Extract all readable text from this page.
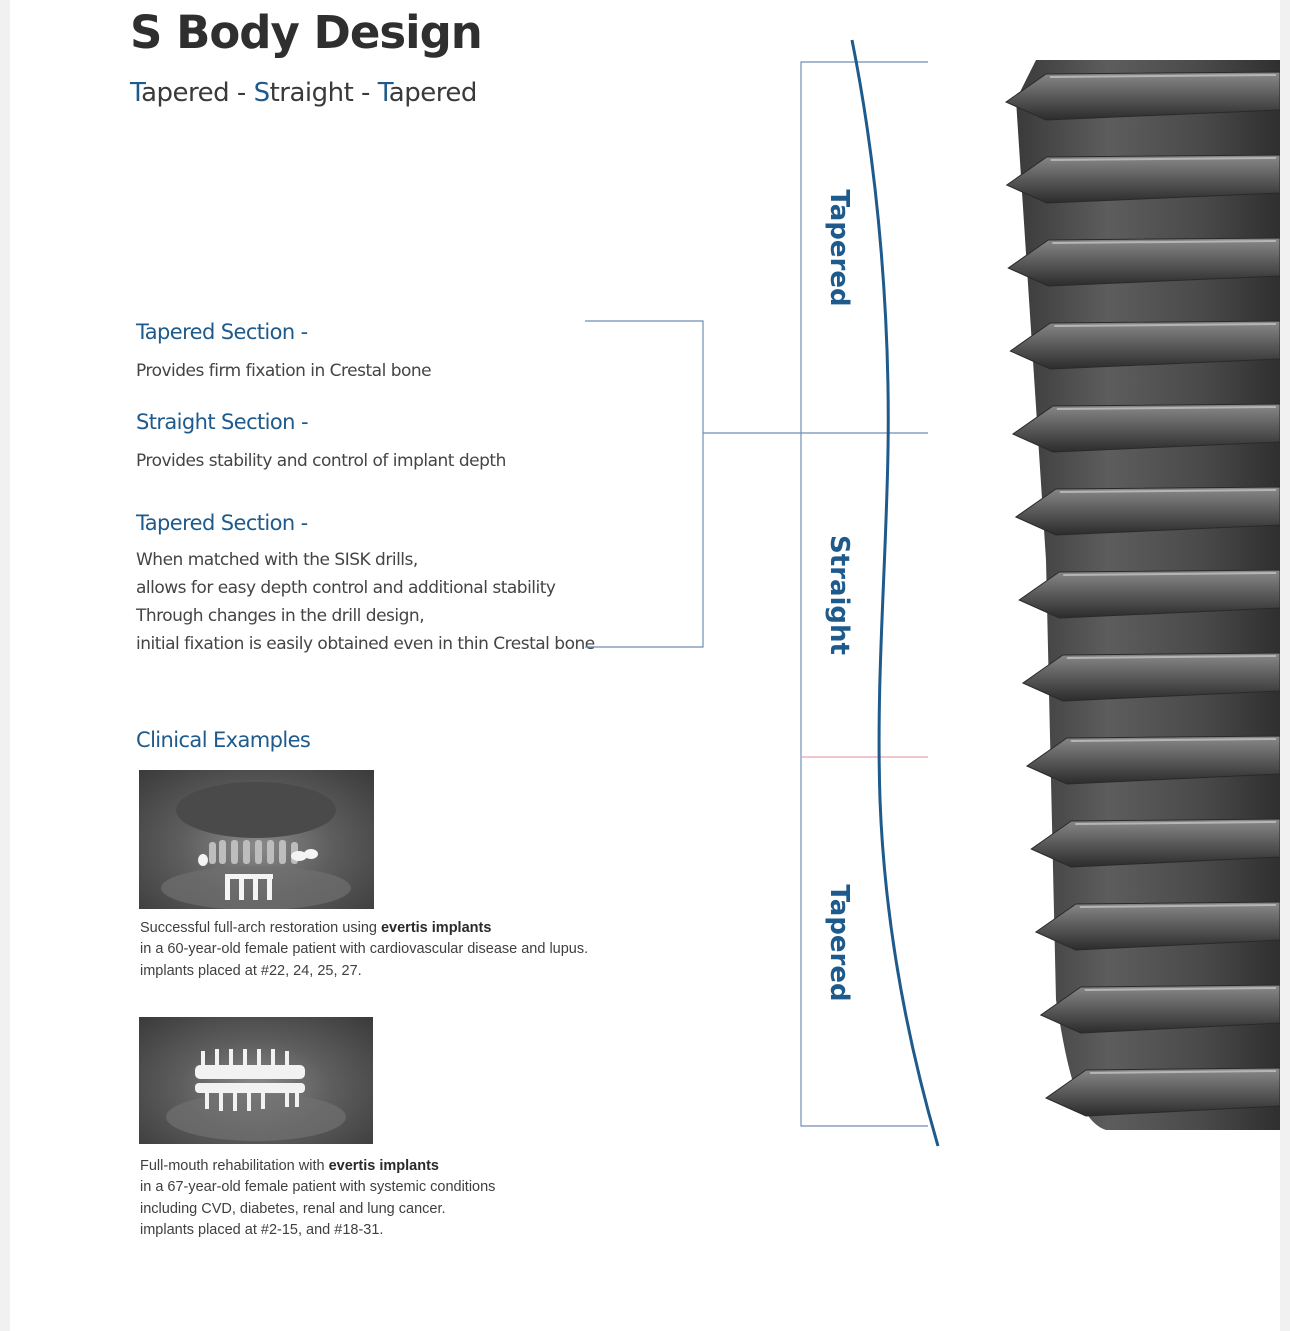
S Body Design

Tapered - Straight - Tapered

Tapered Section -

Provides firm fixation in Crestal bone

Straight Section -

Provides stability and control of implant depth

Tapered Section -

When matched with the SISK drills,
allows for easy depth control and additional stability
Through changes in the drill design,
initial fixation is easily obtained even in thin Crestal bone

Clinical Examples

Successful full-arch restoration using evertis implants
in a 60-year-old female patient with cardiovascular disease and lupus.
implants placed at #22, 24, 25, 27.

Full-mouth rehabilitation with evertis implants
in a 67-year-old female patient with systemic conditions
including CVD, diabetes, renal and lung cancer.
implants placed at #2-15, and #18-31.

Tapered
Straight
Tapered
